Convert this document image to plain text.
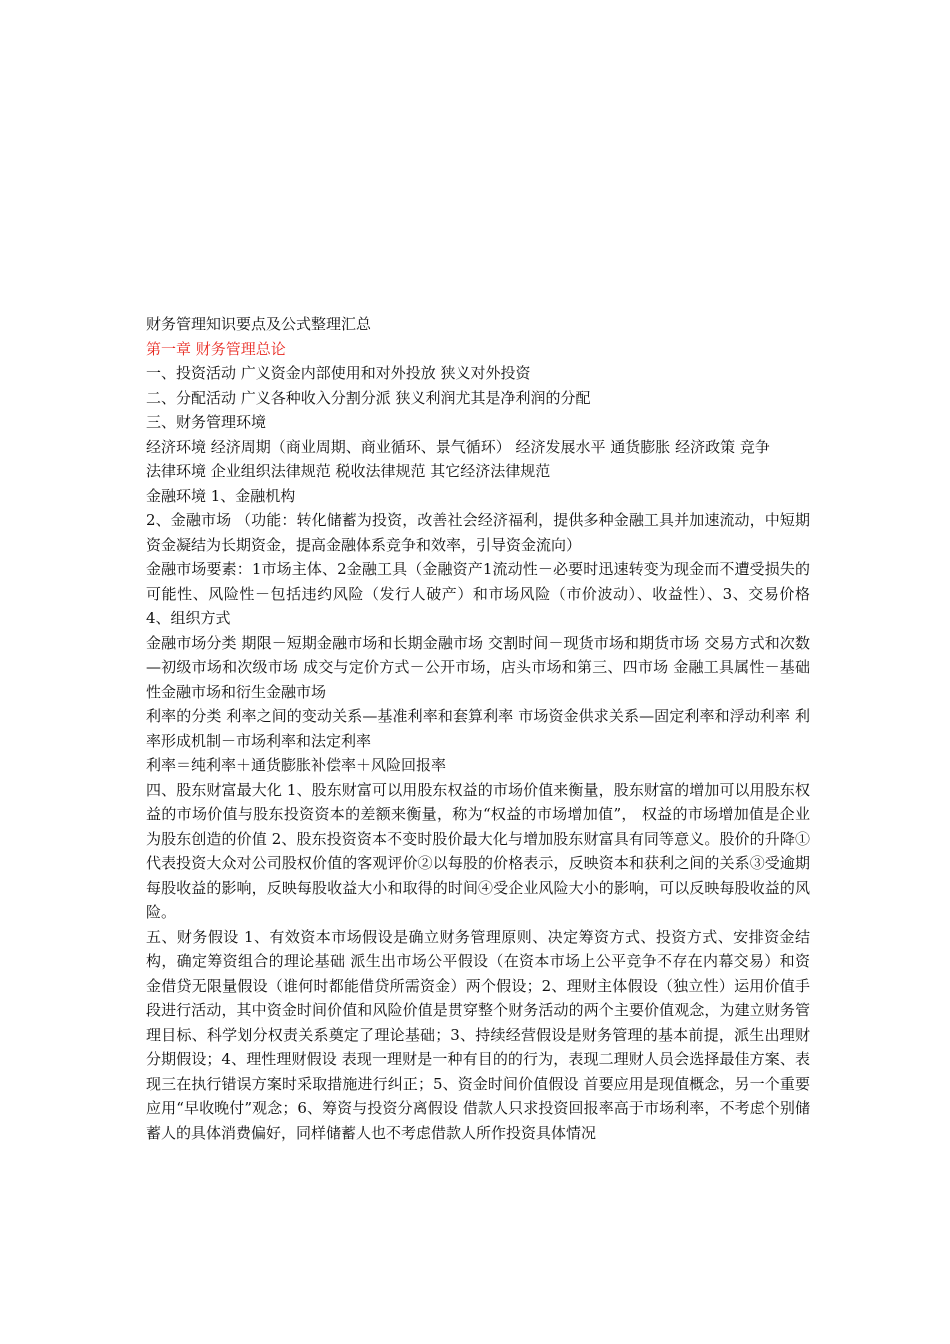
财务管理知识要点及公式整理汇总

第一章 财务管理总论

一、投资活动 广义资金内部使用和对外投放 狭义对外投资

二、分配活动 广义各种收入分割分派 狭义利润尤其是净利润的分配

三、财务管理环境

经济环境 经济周期（商业周期、商业循环、景气循环） 经济发展水平 通货膨胀 经济政策 竞争

法律环境 企业组织法律规范 税收法律规范 其它经济法律规范

金融环境 1、金融机构

2、金融市场 （功能：转化储蓄为投资，改善社会经济福利，提供多种金融工具并加速流动，中短期资金凝结为长期资金，提高金融体系竞争和效率，引导资金流向）

金融市场要素：1市场主体、2金融工具（金融资产1流动性－必要时迅速转变为现金而不遭受损失的可能性、风险性－包括违约风险（发行人破产）和市场风险（市价波动）、收益性）、3、交易价格4、组织方式

金融市场分类 期限－短期金融市场和长期金融市场 交割时间－现货市场和期货市场 交易方式和次数—初级市场和次级市场 成交与定价方式－公开市场，店头市场和第三、四市场 金融工具属性－基础性金融市场和衍生金融市场

利率的分类 利率之间的变动关系—基准利率和套算利率 市场资金供求关系—固定利率和浮动利率 利率形成机制－市场利率和法定利率

利率＝纯利率＋通货膨胀补偿率＋风险回报率

四、股东财富最大化 1、股东财富可以用股东权益的市场价值来衡量，股东财富的增加可以用股东权益的市场价值与股东投资资本的差额来衡量，称为“权益的市场增加值”， 权益的市场增加值是企业为股东创造的价值 2、股东投资资本不变时股价最大化与增加股东财富具有同等意义。股价的升降①代表投资大众对公司股权价值的客观评价②以每股的价格表示，反映资本和获利之间的关系③受逾期每股收益的影响，反映每股收益大小和取得的时间④受企业风险大小的影响，可以反映每股收益的风险。

五、财务假设 1、有效资本市场假设是确立财务管理原则、决定筹资方式、投资方式、安排资金结构，确定筹资组合的理论基础 派生出市场公平假设（在资本市场上公平竞争不存在内幕交易）和资金借贷无限量假设（谁何时都能借贷所需资金）两个假设；2、理财主体假设（独立性）运用价值手段进行活动，其中资金时间价值和风险价值是贯穿整个财务活动的两个主要价值观念，为建立财务管理目标、科学划分权责关系奠定了理论基础；3、持续经营假设是财务管理的基本前提，派生出理财分期假设；4、理性理财假设 表现一理财是一种有目的的行为，表现二理财人员会选择最佳方案、表现三在执行错误方案时采取措施进行纠正；5、资金时间价值假设 首要应用是现值概念，另一个重要应用“早收晚付”观念；6、筹资与投资分离假设 借款人只求投资回报率高于市场利率，不考虑个别储蓄人的具体消费偏好，同样储蓄人也不考虑借款人所作投资具体情况
